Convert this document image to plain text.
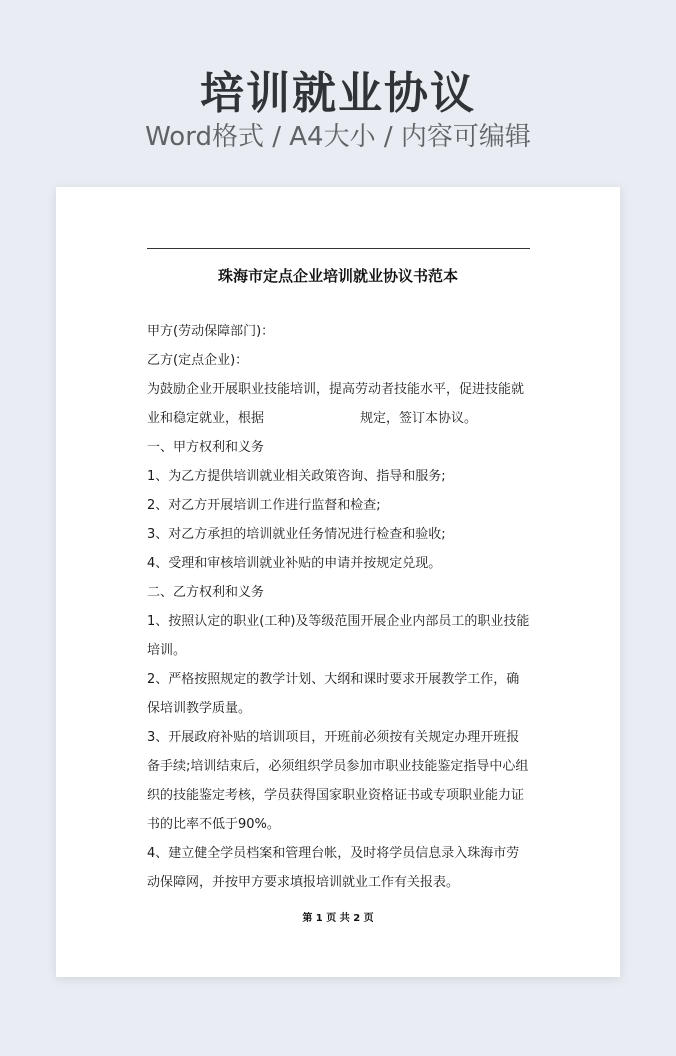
培训就业协议
Word格式 / A4大小 / 内容可编辑
珠海市定点企业培训就业协议书范本

甲方(劳动保障部门)：

乙方(定点企业)：

为鼓励企业开展职业技能培训，提高劳动者技能水平，促进技能就业和稳定就业，根据	规定，签订本协议。

一、甲方权利和义务

1、为乙方提供培训就业相关政策咨询、指导和服务;

2、对乙方开展培训工作进行监督和检查;

3、对乙方承担的培训就业任务情况进行检查和验收;

4、受理和审核培训就业补贴的申请并按规定兑现。

二、乙方权利和义务

1、按照认定的职业(工种)及等级范围开展企业内部员工的职业技能培训。

2、严格按照规定的教学计划、大纲和课时要求开展教学工作，确保培训教学质量。

3、开展政府补贴的培训项目，开班前必须按有关规定办理开班报备手续;培训结束后，必须组织学员参加市职业技能鉴定指导中心组织的技能鉴定考核，学员获得国家职业资格证书或专项职业能力证书的比率不低于90%。

4、建立健全学员档案和管理台帐，及时将学员信息录入珠海市劳动保障网，并按甲方要求填报培训就业工作有关报表。

第 1 页 共 2 页
